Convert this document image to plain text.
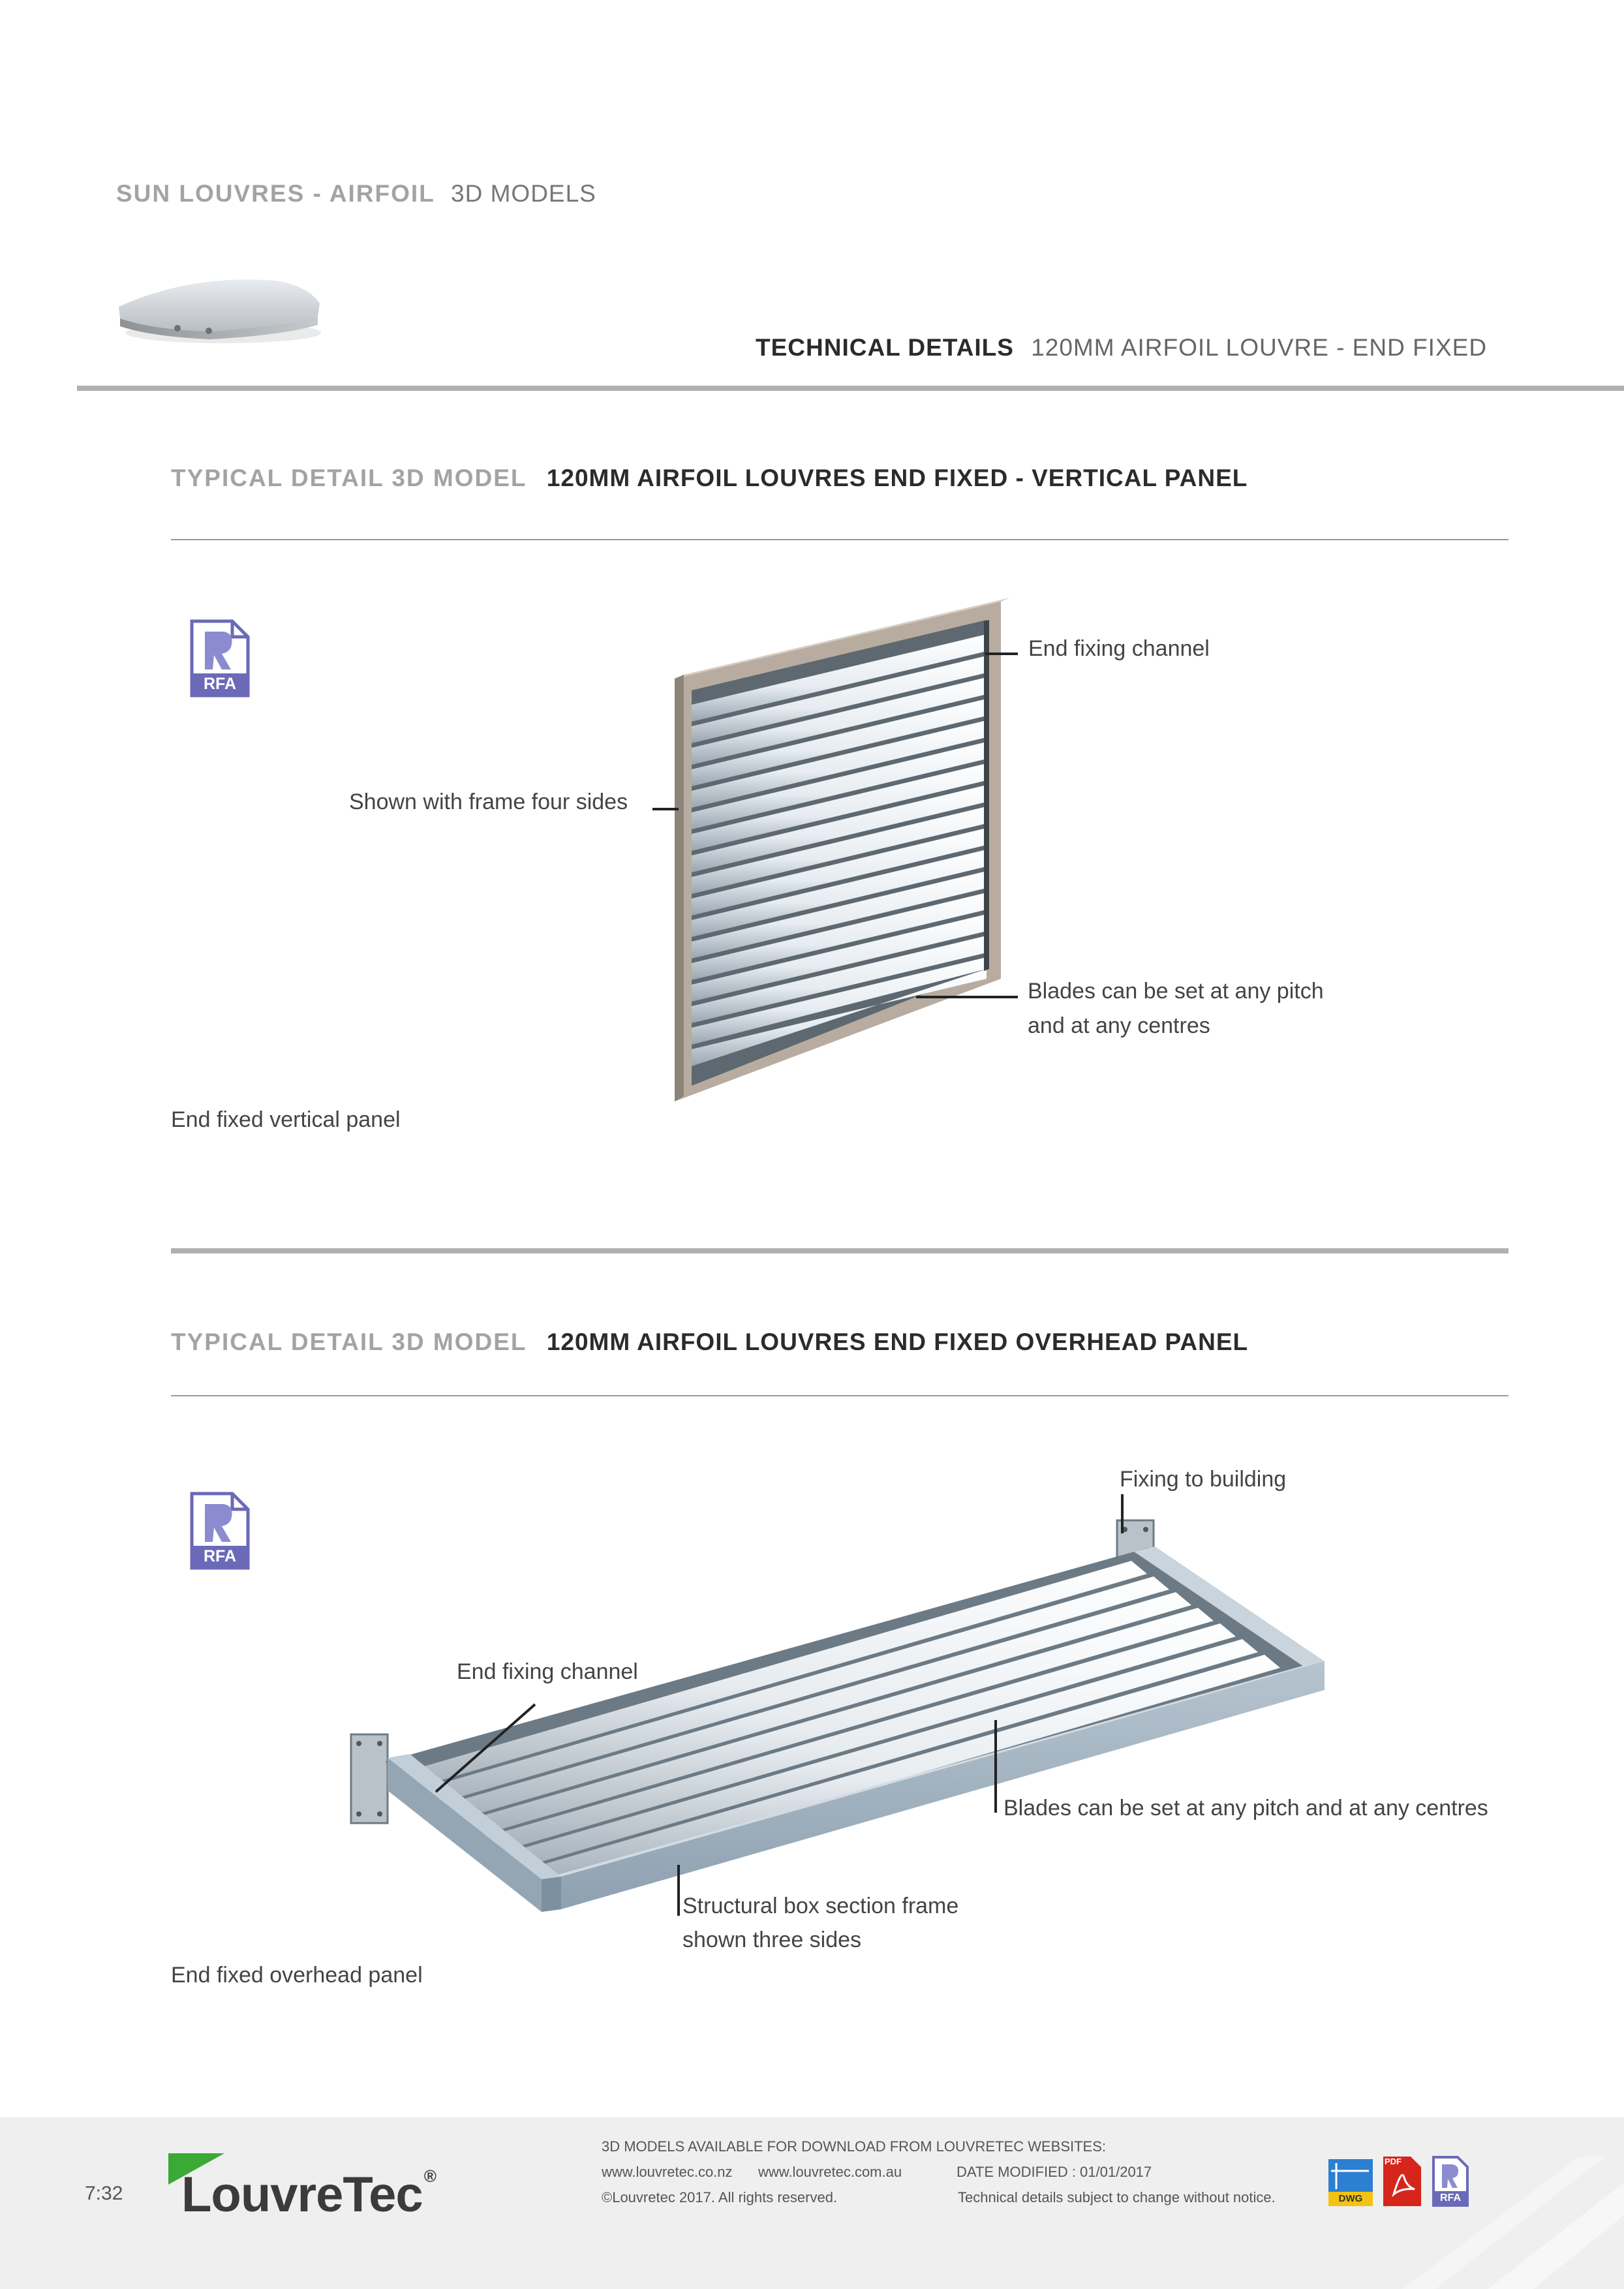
SUN LOUVRES - AIRFOIL 3D MODELS
TECHNICAL DETAILS 120MM AIRFOIL LOUVRE - END FIXED
TYPICAL DETAIL 3D MODEL 120MM AIRFOIL LOUVRES END FIXED - VERTICAL PANEL
RFA
End fixing channel
Shown with frame four sides
Blades can be set at any pitch
and at any centres
End fixed vertical panel
TYPICAL DETAIL 3D MODEL 120MM AIRFOIL LOUVRES END FIXED OVERHEAD PANEL
RFA
Fixing to building
End fixing channel
Blades can be set at any pitch and at any centres
Structural box section frame
shown three sides
End fixed overhead panel
7:32 LouvreTec®
3D MODELS AVAILABLE FOR DOWNLOAD FROM LOUVRETEC WEBSITES:
www.louvretec.co.nz www.louvretec.com.au	DATE MODIFIED : 01/01/2017
©Louvretec 2017. All rights reserved.	Technical details subject to change without notice.	DWG
PDF
RFA
